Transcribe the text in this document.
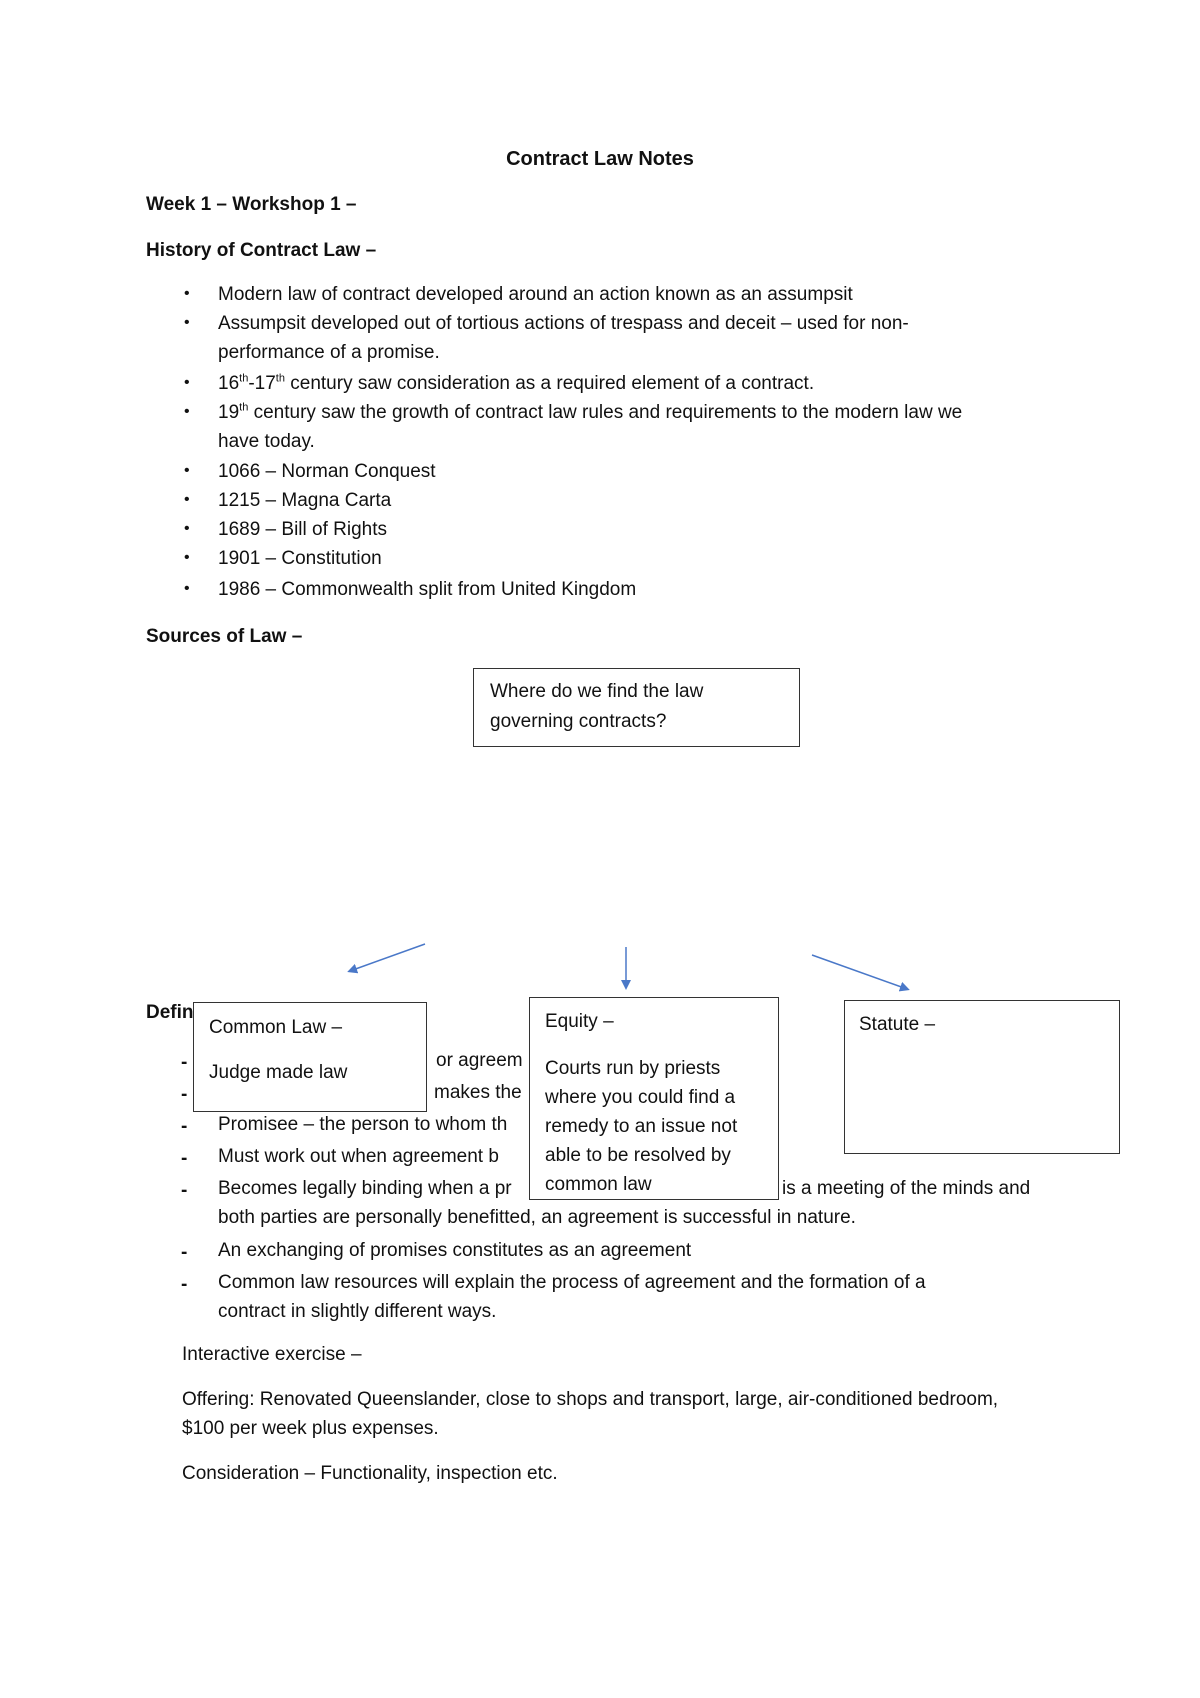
Contract Law Notes
Week 1 – Workshop 1 –
History of Contract Law –
• Modern law of contract developed around an action known as an assumpsit
• Assumpsit developed out of tortious actions of trespass and deceit – used for non-
performance of a promise.
• 16th-17th century saw consideration as a required element of a contract.
• 19th century saw the growth of contract law rules and requirements to the modern law we
have today.
• 1066 – Norman Conquest
• 1215 – Magna Carta
• 1689 – Bill of Rights
• 1901 – Constitution
• 1986 – Commonwealth split from United Kingdom
Sources of Law –
Where do we find the law
governing contracts?
Defin
-	or agreem
-	makes the
- Promisee – the person to whom th
- Must work out when agreement b
- Becomes legally binding when a pr	is a meeting of the minds and
both parties are personally benefitted, an agreement is successful in nature.
- An exchanging of promises constitutes as an agreement
- Common law resources will explain the process of agreement and the formation of a
contract in slightly different ways.
Common Law –
Judge made law
Equity –
Courts run by priests
where you could find a
remedy to an issue not
able to be resolved by
common law
Statute –
Interactive exercise –
Offering: Renovated Queenslander, close to shops and transport, large, air-conditioned bedroom,
$100 per week plus expenses.
Consideration – Functionality, inspection etc.
